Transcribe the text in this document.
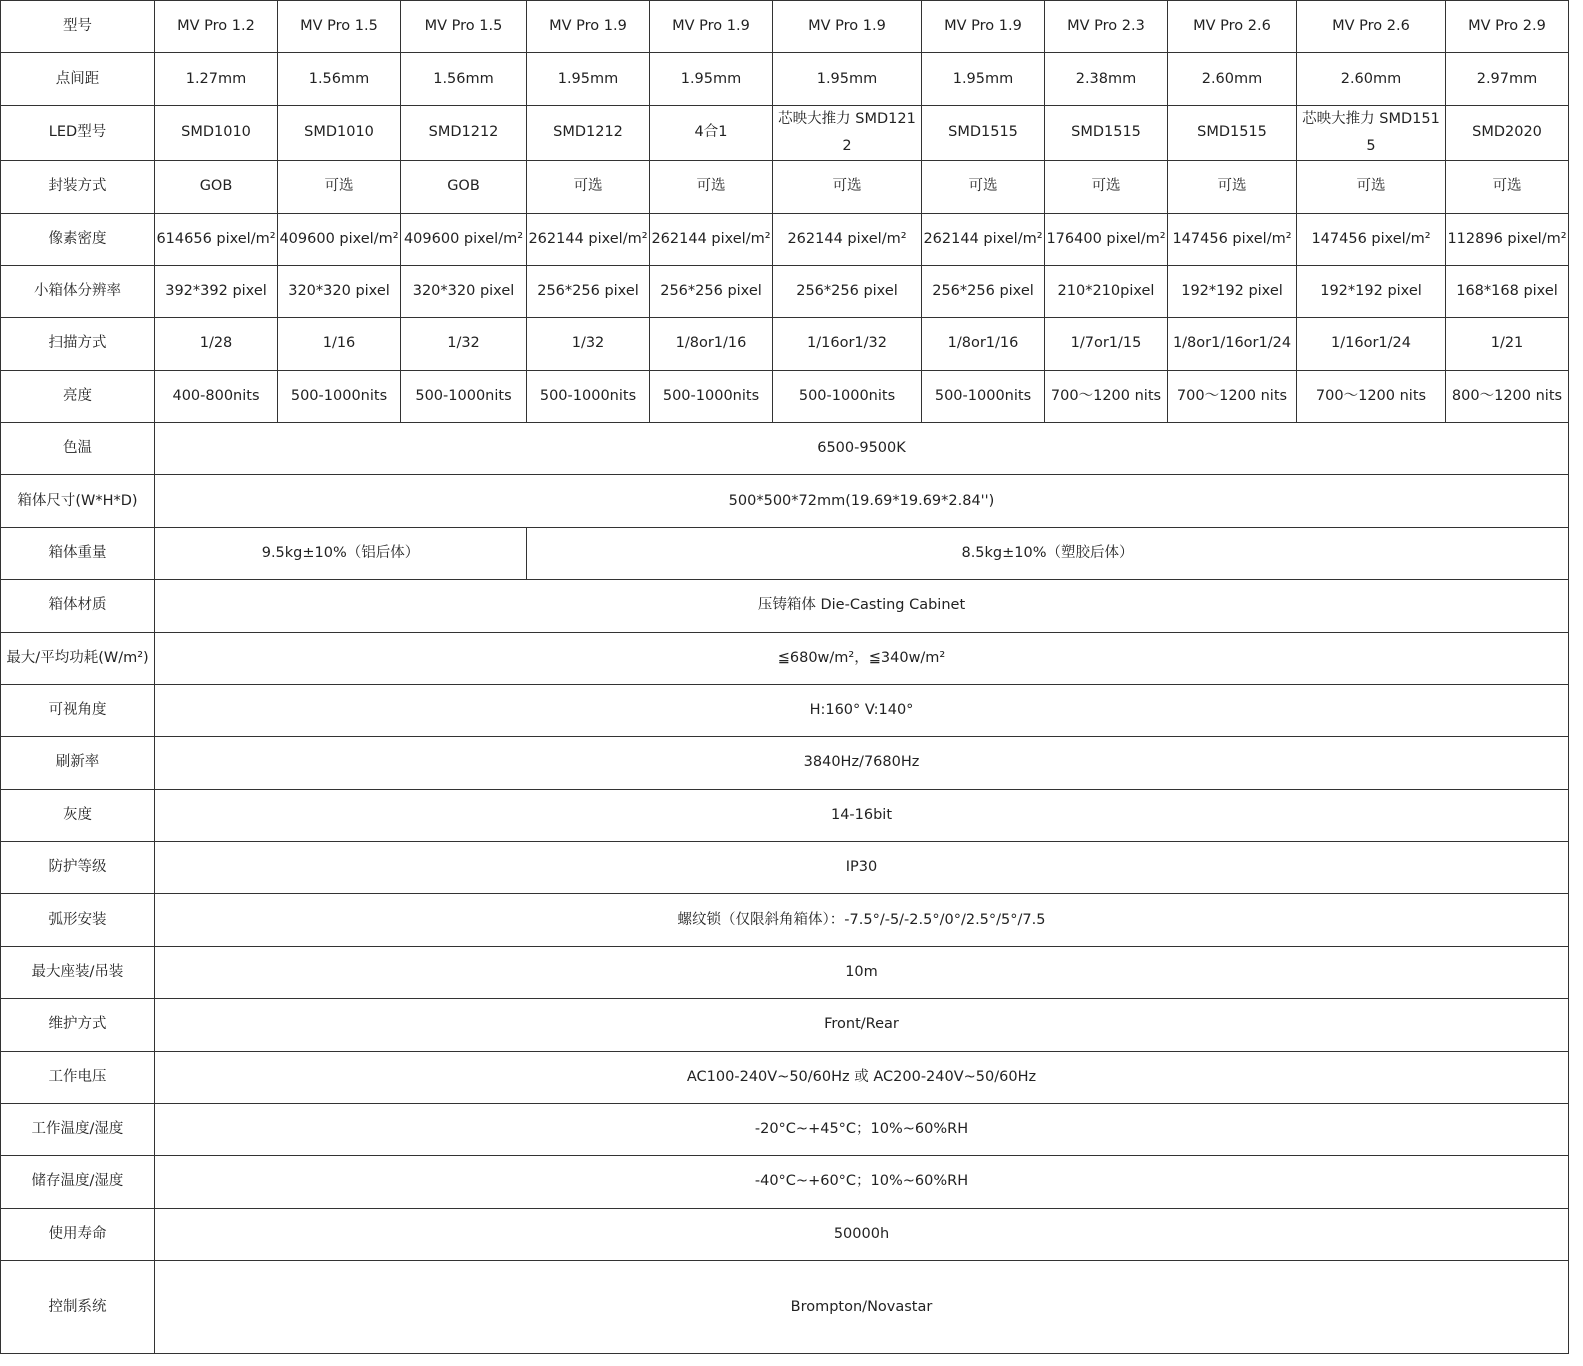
型号	MV Pro 1.2	MV Pro 1.5	MV Pro 1.5	MV Pro 1.9	MV Pro 1.9	MV Pro 1.9	MV Pro 1.9	MV Pro 2.3	MV Pro 2.6	MV Pro 2.6	MV Pro 2.9
点间距	1.27mm	1.56mm	1.56mm	1.95mm	1.95mm	1.95mm	1.95mm	2.38mm	2.60mm	2.60mm	2.97mm
LED型号	SMD1010	SMD1010	SMD1212	SMD1212	4合1	芯映大推力 SMD1212	SMD1515	SMD1515	SMD1515	芯映大推力 SMD1515	SMD2020
封装方式	GOB	可选	GOB	可选	可选	可选	可选	可选	可选	可选	可选
像素密度	614656 pixel/m²	409600 pixel/m²	409600 pixel/m²	262144 pixel/m²	262144 pixel/m²	262144 pixel/m²	262144 pixel/m²	176400 pixel/m²	147456 pixel/m²	147456 pixel/m²	112896 pixel/m²
小箱体分辨率	392*392 pixel	320*320 pixel	320*320 pixel	256*256 pixel	256*256 pixel	256*256 pixel	256*256 pixel	210*210pixel	192*192 pixel	192*192 pixel	168*168 pixel
扫描方式	1/28	1/16	1/32	1/32	1/8or1/16	1/16or1/32	1/8or1/16	1/7or1/15	1/8or1/16or1/24	1/16or1/24	1/21
亮度	400-800nits	500-1000nits	500-1000nits	500-1000nits	500-1000nits	500-1000nits	500-1000nits	700～1200 nits	700～1200 nits	700～1200 nits	800～1200 nits
色温	6500-9500K										
箱体尺寸(W*H*D)	500*500*72mm(19.69*19.69*2.84'')										
箱体重量	9.5kg±10%（铝后体）			8.5kg±10%（塑胶后体）							
箱体材质	压铸箱体 Die-Casting Cabinet										
最大/平均功耗(W/m²)	≦680w/m²，≦340w/m²										
可视角度	H:160° V:140°										
刷新率	3840Hz/7680Hz										
灰度	14-16bit										
防护等级	IP30										
弧形安装	螺纹锁（仅限斜角箱体）：-7.5°/-5/-2.5°/0°/2.5°/5°/7.5										
最大座装/吊装	10m										
维护方式	Front/Rear										
工作电压	AC100-240V~50/60Hz 或 AC200-240V~50/60Hz										
工作温度/湿度	-20°C~+45°C；10%~60%RH										
储存温度/湿度	-40°C~+60°C；10%~60%RH										
使用寿命	50000h										
控制系统	Brompton/Novastar										
